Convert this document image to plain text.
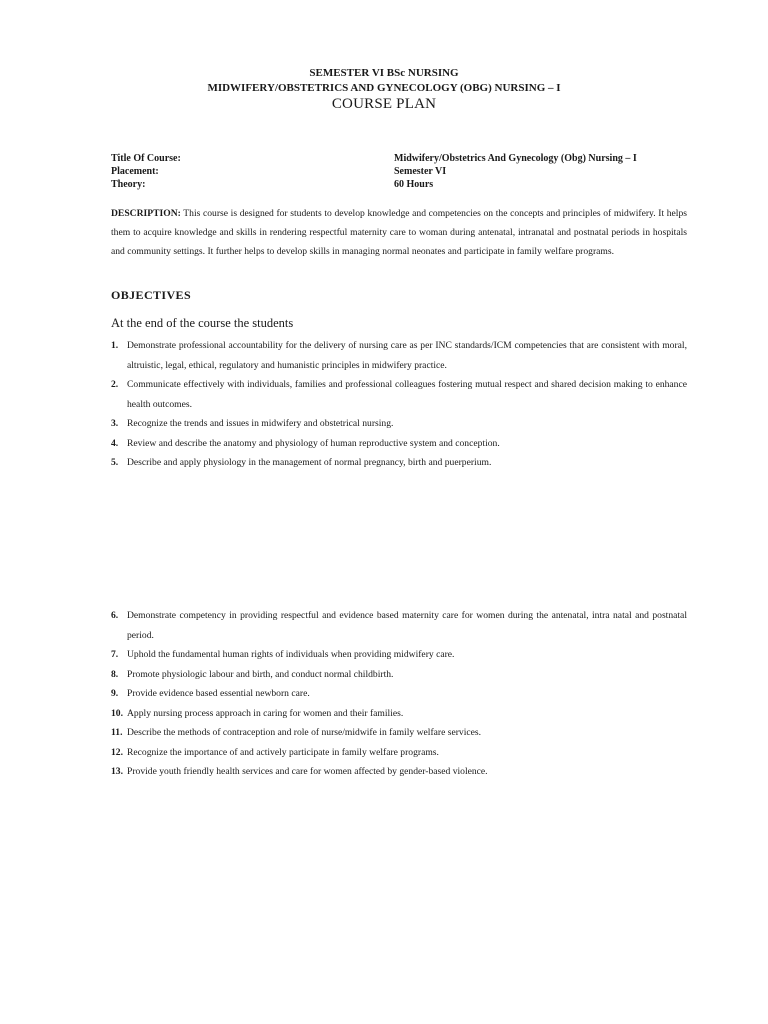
SEMESTER VI BSc NURSING
MIDWIFERY/OBSTETRICS AND GYNECOLOGY (OBG) NURSING – I
COURSE PLAN
Title Of Course:	Midwifery/Obstetrics And Gynecology (Obg) Nursing – I
Placement:	Semester VI
Theory:	60 Hours

DESCRIPTION: This course is designed for students to develop knowledge and competencies on the concepts and principles of midwifery. It helps them to acquire knowledge and skills in rendering respectful maternity care to woman during antenatal, intranatal and postnatal periods in hospitals and community settings. It further helps to develop skills in managing normal neonates and participate in family welfare programs.

OBJECTIVES
At the end of the course the students
1. Demonstrate professional accountability for the delivery of nursing care as per INC standards/ICM competencies that are consistent with moral, altruistic, legal, ethical, regulatory and humanistic principles in midwifery practice.
2. Communicate effectively with individuals, families and professional colleagues fostering mutual respect and shared decision making to enhance health outcomes.
3. Recognize the trends and issues in midwifery and obstetrical nursing.
4. Review and describe the anatomy and physiology of human reproductive system and conception.
5. Describe and apply physiology in the management of normal pregnancy, birth and puerperium.
6. Demonstrate competency in providing respectful and evidence based maternity care for women during the antenatal, intra natal and postnatal period.
7. Uphold the fundamental human rights of individuals when providing midwifery care.
8. Promote physiologic labour and birth, and conduct normal childbirth.
9. Provide evidence based essential newborn care.
10. Apply nursing process approach in caring for women and their families.
11. Describe the methods of contraception and role of nurse/midwife in family welfare services.
12. Recognize the importance of and actively participate in family welfare programs.
13. Provide youth friendly health services and care for women affected by gender-based violence.
